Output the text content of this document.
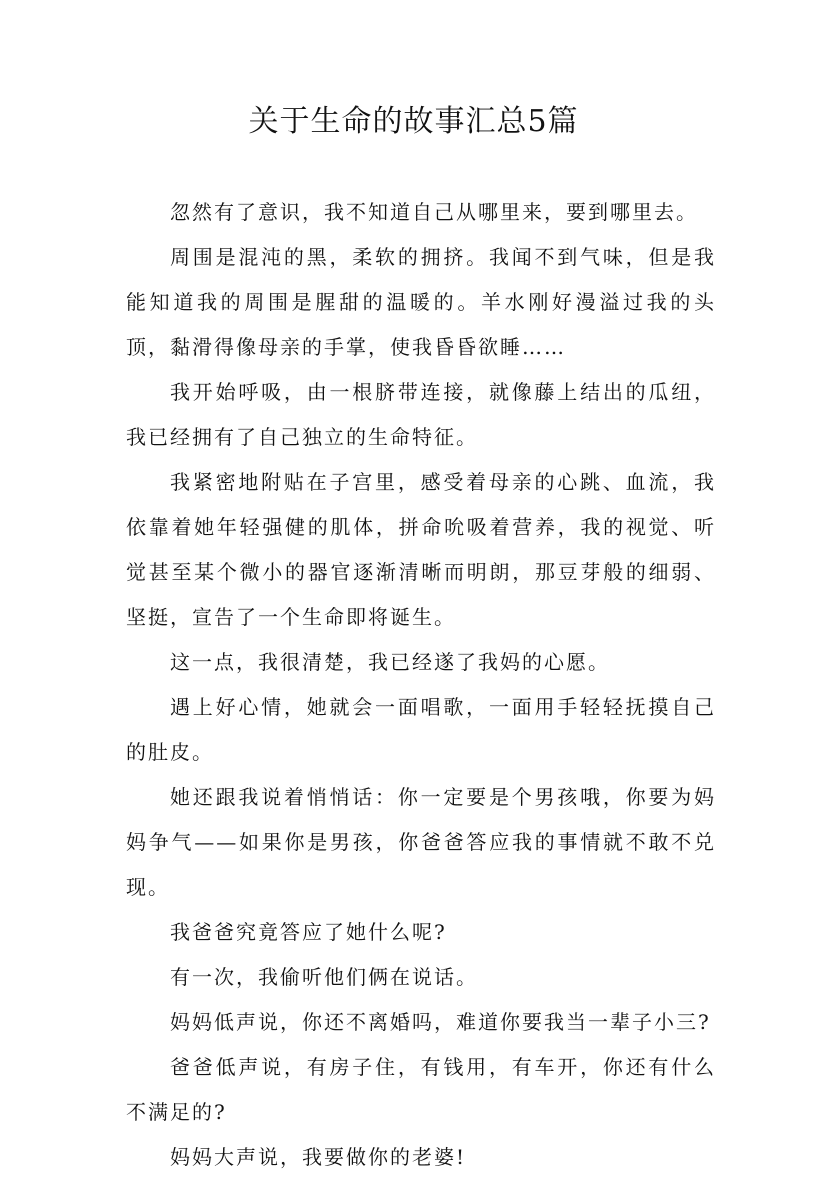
关于生命的故事汇总5篇

忽然有了意识，我不知道自己从哪里来，要到哪里去。

周围是混沌的黑，柔软的拥挤。我闻不到气味，但是我能知道我的周围是腥甜的温暖的。羊水刚好漫溢过我的头顶，黏滑得像母亲的手掌，使我昏昏欲睡……

我开始呼吸，由一根脐带连接，就像藤上结出的瓜纽，我已经拥有了自己独立的生命特征。

我紧密地附贴在子宫里，感受着母亲的心跳、血流，我依靠着她年轻强健的肌体，拼命吮吸着营养，我的视觉、听觉甚至某个微小的器官逐渐清晰而明朗，那豆芽般的细弱、坚挺，宣告了一个生命即将诞生。

这一点，我很清楚，我已经遂了我妈的心愿。

遇上好心情，她就会一面唱歌，一面用手轻轻抚摸自己的肚皮。

她还跟我说着悄悄话：你一定要是个男孩哦，你要为妈妈争气——如果你是男孩，你爸爸答应我的事情就不敢不兑现。

我爸爸究竟答应了她什么呢?

有一次，我偷听他们俩在说话。

妈妈低声说，你还不离婚吗，难道你要我当一辈子小三?

爸爸低声说，有房子住，有钱用，有车开，你还有什么不满足的?

妈妈大声说，我要做你的老婆!
